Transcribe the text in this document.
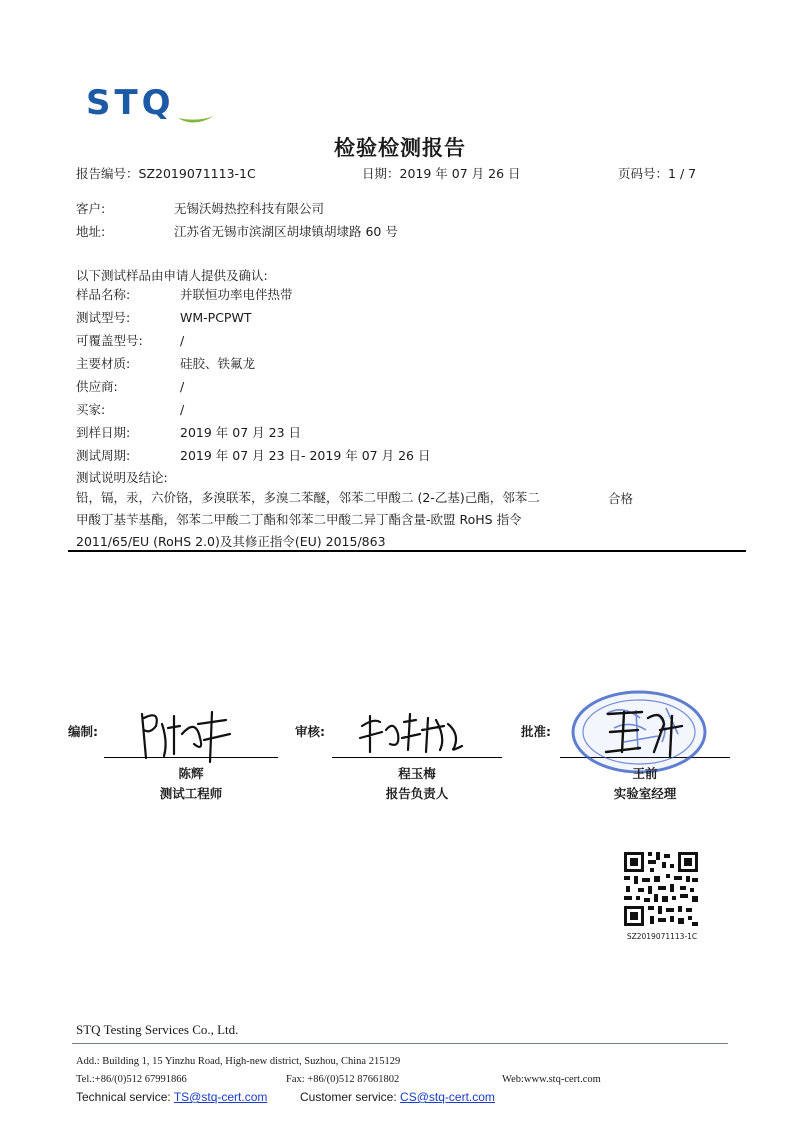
STQ
检验检测报告
报告编号：SZ2019071113-1C	日期：2019 年 07 月 26 日	页码号：1 / 7
客户:	无锡沃姆热控科技有限公司
地址:	江苏省无锡市滨湖区胡埭镇胡埭路 60 号
以下测试样品由申请人提供及确认:
样品名称:	并联恒功率电伴热带
测试型号:	WM-PCPWT
可覆盖型号:	/
主要材质:	硅胶、铁氟龙
供应商:	/
买家:	/
到样日期:	2019 年 07 月 23 日
测试周期:	2019 年 07 月 23 日- 2019 年 07 月 26 日
测试说明及结论:
铅，镉，汞，六价铬，多溴联苯，多溴二苯醚，邻苯二甲酸二 (2-乙基)己酯，邻苯二
甲酸丁基苄基酯，邻苯二甲酸二丁酯和邻苯二甲酸二异丁酯含量-欧盟 RoHS 指令
2011/65/EU (RoHS 2.0)及其修正指令(EU) 2015/863
合格
编制:
陈辉
测试工程师
审核:
程玉梅
报告负责人
批准:
王前
实验室经理
SZ2019071113-1C
STQ Testing Services Co., Ltd.
Add.: Building 1, 15 Yinzhu Road, High-new district, Suzhou, China 215129
Tel.:+86/(0)512 67991866	Fax: +86/(0)512 87661802	Web:www.stq-cert.com
Technical service: TS@stq-cert.com	Customer service: CS@stq-cert.com
